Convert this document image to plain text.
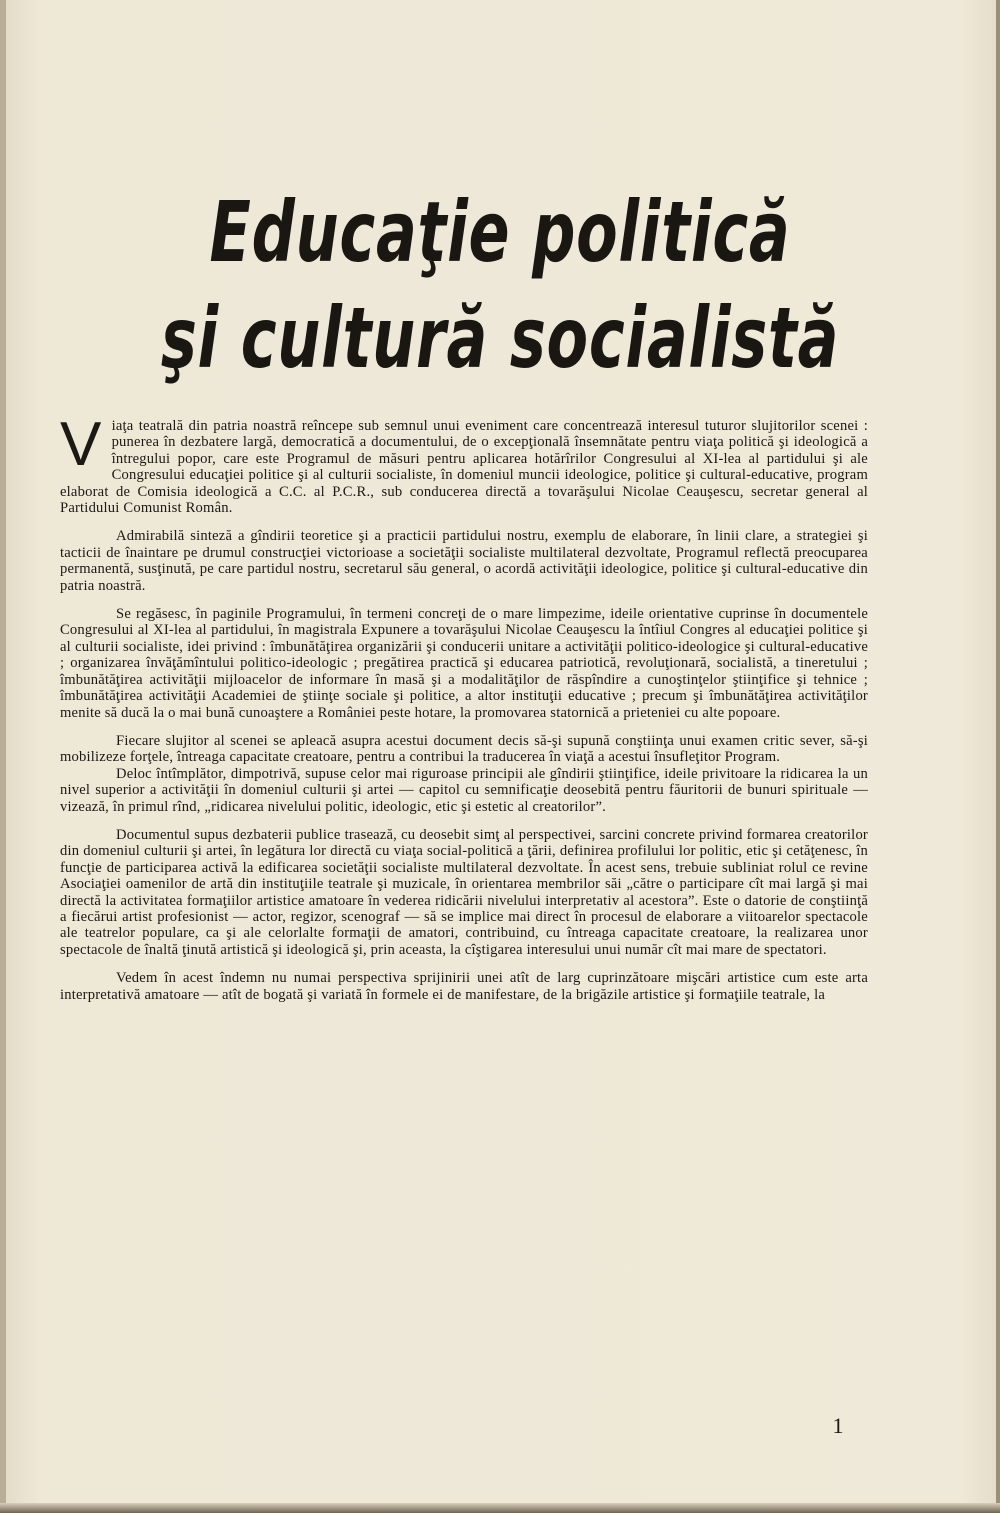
Educaţie politică
şi cultură socialistă

Viaţa teatrală din patria noastră reîncepe sub semnul unui eveniment care concentrează interesul tuturor slujitorilor scenei : punerea în dezbatere largă, democratică a documentului, de o excepţională însemnătate pentru viaţa politică şi ideologică a întregului popor, care este Programul de măsuri pentru aplicarea hotărîrilor Congresului al XI-lea al partidului şi ale Congresului educaţiei politice şi al culturii socialiste, în domeniul muncii ideologice, politice şi cultural-educative, program elaborat de Comisia ideologică a C.C. al P.C.R., sub conducerea directă a tovarăşului Nicolae Ceauşescu, secretar general al Partidului Comunist Român.

Admirabilă sinteză a gîndirii teoretice şi a practicii partidului nostru, exemplu de elaborare, în linii clare, a strategiei şi tacticii de înaintare pe drumul construcţiei victorioase a societăţii socialiste multilateral dezvoltate, Programul reflectă preocuparea permanentă, susţinută, pe care partidul nostru, secretarul său general, o acordă activităţii ideologice, politice şi cultural-educative din patria noastră.

Se regăsesc, în paginile Programului, în termeni concreţi de o mare limpezime, ideile orientative cuprinse în documentele Congresului al XI-lea al partidului, în magistrala Expunere a tovarăşului Nicolae Ceauşescu la întîiul Congres al educaţiei politice şi al culturii socialiste, idei privind : îmbunătăţirea organizării şi conducerii unitare a activităţii politico-ideologice şi cultural-educative ; organizarea învăţămîntului politico-ideologic ; pregătirea practică şi educarea patriotică, revoluţionară, socialistă, a tineretului ; îmbunătăţirea activităţii mijloacelor de informare în masă şi a modalităţilor de răspîndire a cunoştinţelor ştiinţifice şi tehnice ; îmbunătăţirea activităţii Academiei de ştiinţe sociale şi politice, a altor instituţii educative ; precum şi îmbunătăţirea activităţilor menite să ducă la o mai bună cunoaştere a României peste hotare, la promovarea statornică a prieteniei cu alte popoare.

Fiecare slujitor al scenei se apleacă asupra acestui document decis să-şi supună conştiinţa unui examen critic sever, să-şi mobilizeze forţele, întreaga capacitate creatoare, pentru a contribui la traducerea în viaţă a acestui însufleţitor Program.

Deloc întîmplător, dimpotrivă, supuse celor mai riguroase principii ale gîndirii ştiinţifice, ideile privitoare la ridicarea la un nivel superior a activităţii în domeniul culturii şi artei — capitol cu semnificaţie deosebită pentru făuritorii de bunuri spirituale — vizează, în primul rînd, „ridicarea nivelului politic, ideologic, etic şi estetic al creatorilor”.

Documentul supus dezbaterii publice trasează, cu deosebit simţ al perspectivei, sarcini concrete privind formarea creatorilor din domeniul culturii şi artei, în legătura lor directă cu viaţa social-politică a ţării, definirea profilului lor politic, etic şi cetăţenesc, în funcţie de participarea activă la edificarea societăţii socialiste multilateral dezvoltate. În acest sens, trebuie subliniat rolul ce revine Asociaţiei oamenilor de artă din instituţiile teatrale şi muzicale, în orientarea membrilor săi „către o participare cît mai largă şi mai directă la activitatea formaţiilor artistice amatoare în vederea ridicării nivelului interpretativ al acestora”. Este o datorie de conştiinţă a fiecărui artist profesionist — actor, regizor, scenograf — să se implice mai direct în procesul de elaborare a viitoarelor spectacole ale teatrelor populare, ca şi ale celorlalte formaţii de amatori, contribuind, cu întreaga capacitate creatoare, la realizarea unor spectacole de înaltă ţinută artistică şi ideologică şi, prin aceasta, la cîştigarea interesului unui număr cît mai mare de spectatori.

Vedem în acest îndemn nu numai perspectiva sprijinirii unei atît de larg cuprinzătoare mişcări artistice cum este arta interpretativă amatoare — atît de bogată şi variată în formele ei de manifestare, de la brigăzile artistice şi formaţiile teatrale, la

1
